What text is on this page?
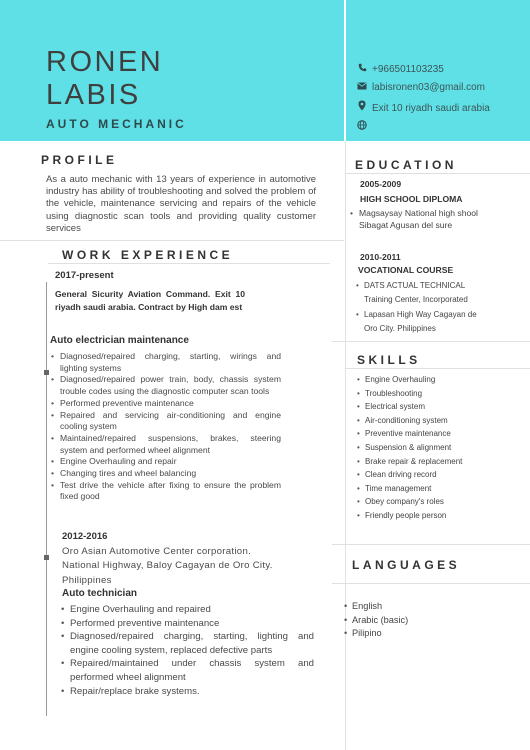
RONEN
LABIS
AUTO MECHANIC
+966501103235
labisronen03@gmail.com
Exit 10 riyadh saudi arabia
PROFILE
As a auto mechanic with 13 years of experience in automotive industry has ability of troubleshooting and solved the problem of the vehicle, maintenance servicing and repairs of the vehicle using diagnostic scan tools and providing quality customer services
WORK EXPERIENCE
2017-present
General Sicurity Aviation Command. Exit 10 riyadh saudi arabia. Contract by High dam est
Auto electrician maintenance
• Diagnosed/repaired charging, starting, wirings and lighting systems
• Diagnosed/repaired power train, body, chassis system trouble codes using the diagnostic computer scan tools
• Performed preventive maintenance
• Repaired and servicing air-conditioning and engine cooling system
• Maintained/repaired suspensions, brakes, steering system and performed wheel alignment
• Engine Overhauling and repair
• Changing tires and wheel balancing
• Test drive the vehicle after fixing to ensure the problem fixed good
2012-2016
Oro Asian Automotive Center corporation. National Highway, Baloy Cagayan de Oro City. Philippines
Auto technician
• Engine Overhauling and repaired
• Performed preventive maintenance
• Diagnosed/repaired charging, starting, lighting and engine cooling system, replaced defective parts
• Repaired/maintained under chassis system and performed wheel alignment
• Repair/replace brake systems.
EDUCATION
2005-2009
HIGH SCHOOL DIPLOMA
• Magsaysay National high shool Sibagat Agusan del sure
2010-2011
VOCATIONAL COURSE
• DATS ACTUAL TECHNICAL Training Center, Incorporated
• Lapasan High Way Cagayan de Oro City. Philippines
SKILLS
• Engine Overhauling
• Troubleshooting
• Electrical system
• Air-conditioning system
• Preventive maintenance
• Suspension & alignment
• Brake repair & replacement
• Clean driving record
• Time management
• Obey company's roles
• Friendly people person
LANGUAGES
• English
• Arabic (basic)
• Pilipino
